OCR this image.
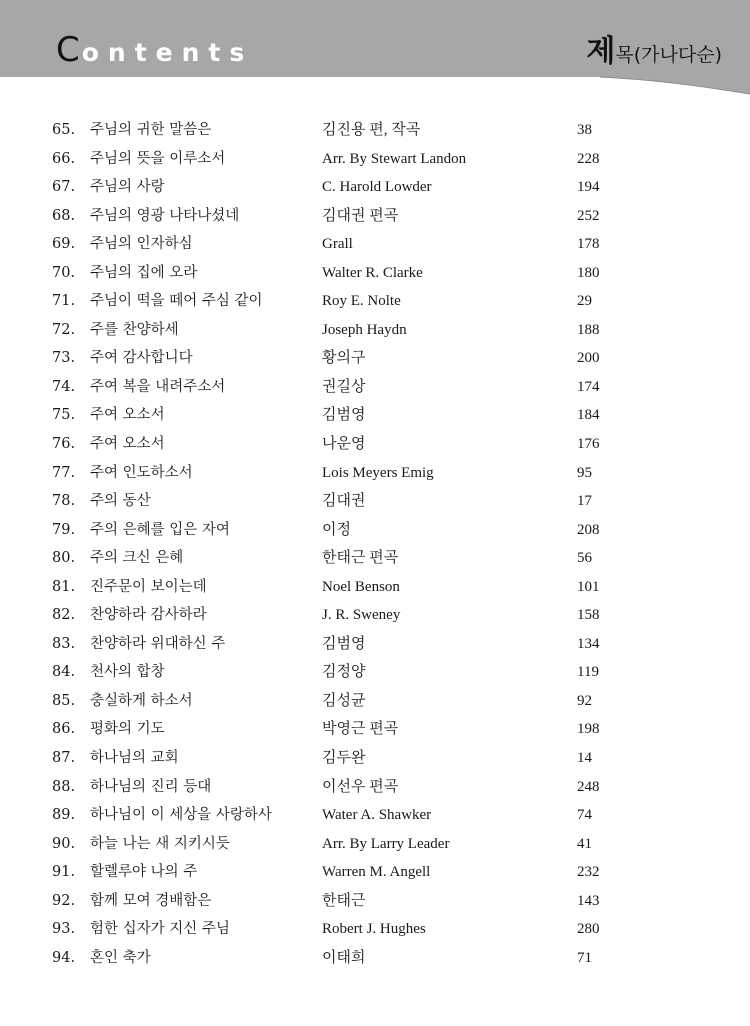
Contents	제목(가나다순)
65. 주님의 귀한 말씀은	김진용 편, 작곡	38
66. 주님의 뜻을 이루소서	Arr. By Stewart Landon	228
67. 주님의 사랑	C. Harold Lowder	194
68. 주님의 영광 나타나셨네	김대권 편곡	252
69. 주님의 인자하심	Grall	178
70. 주님의 집에 오라	Walter R. Clarke	180
71. 주님이 떡을 떼어 주심 같이	Roy E. Nolte	29
72. 주를 찬양하세	Joseph Haydn	188
73. 주여 감사합니다	황의구	200
74. 주여 복을 내려주소서	권길상	174
75. 주여 오소서	김범영	184
76. 주여 오소서	나운영	176
77. 주여 인도하소서	Lois Meyers Emig	95
78. 주의 동산	김대권	17
79. 주의 은혜를 입은 자여	이정	208
80. 주의 크신 은혜	한태근 편곡	56
81. 진주문이 보이는데	Noel Benson	101
82. 찬양하라 감사하라	J. R. Sweney	158
83. 찬양하라 위대하신 주	김범영	134
84. 천사의 합창	김정양	119
85. 충실하게 하소서	김성균	92
86. 평화의 기도	박영근 편곡	198
87. 하나님의 교회	김두완	14
88. 하나님의 진리 등대	이선우 편곡	248
89. 하나님이 이 세상을 사랑하사	Water A. Shawker	74
90. 하늘 나는 새 지키시듯	Arr. By Larry Leader	41
91. 할렐루야 나의 주	Warren M. Angell	232
92. 함께 모여 경배함은	한태근	143
93. 험한 십자가 지신 주님	Robert J. Hughes	280
94. 혼인 축가	이태희	71
